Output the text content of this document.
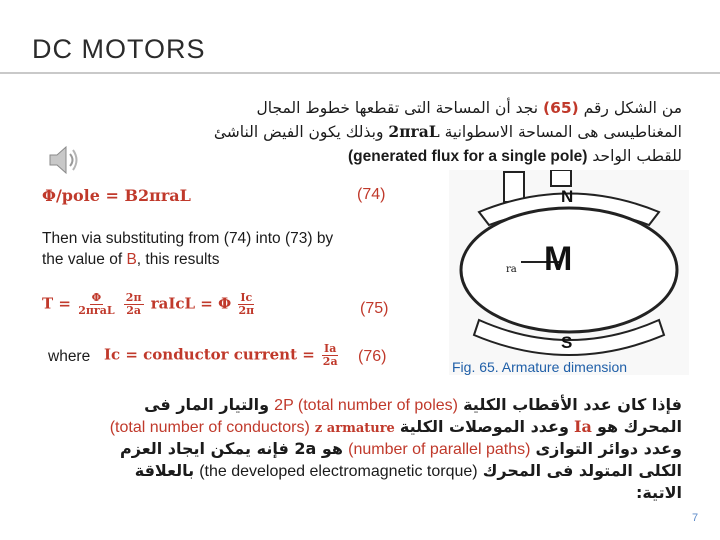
DC MOTORS
من الشكل رقم (65) نجد أن المساحة التى تقطعها خطوط المجال
المغناطيسى هى المساحة الاسطوانية 2πraL وبذلك يكون الفيض الناشئ
للقطب الواحد (generated flux for a single pole)
Φ/pole = B2πraL	(74)
Then via substituting from (74) into (73) by
the value of B, this results
$T = \frac{\Phi}{\text{2πraL}}$
$\frac{2\pi}{2a}$ raIcL = Φ $\frac{Ic}{2\pi}$	(75)
where Ic = conductor current = $\frac{Ia}{2a} (76)$
N
M
ra
S
Fig. 65. Armature dimension
فإذا كان عدد الأقطاب الكلية 2P (total number of poles) والتيار المار فى
المحرك هو Ia وعدد الموصلات الكلية (total number of conductors) z armature
وعدد دوائر التوازى (number of parallel paths) هو 2a فإنه يمكن ايجاد العزم
الكلى المتولد فى المحرك (the developed electromagnetic torque) بالعلاقة
الاتية:
7
